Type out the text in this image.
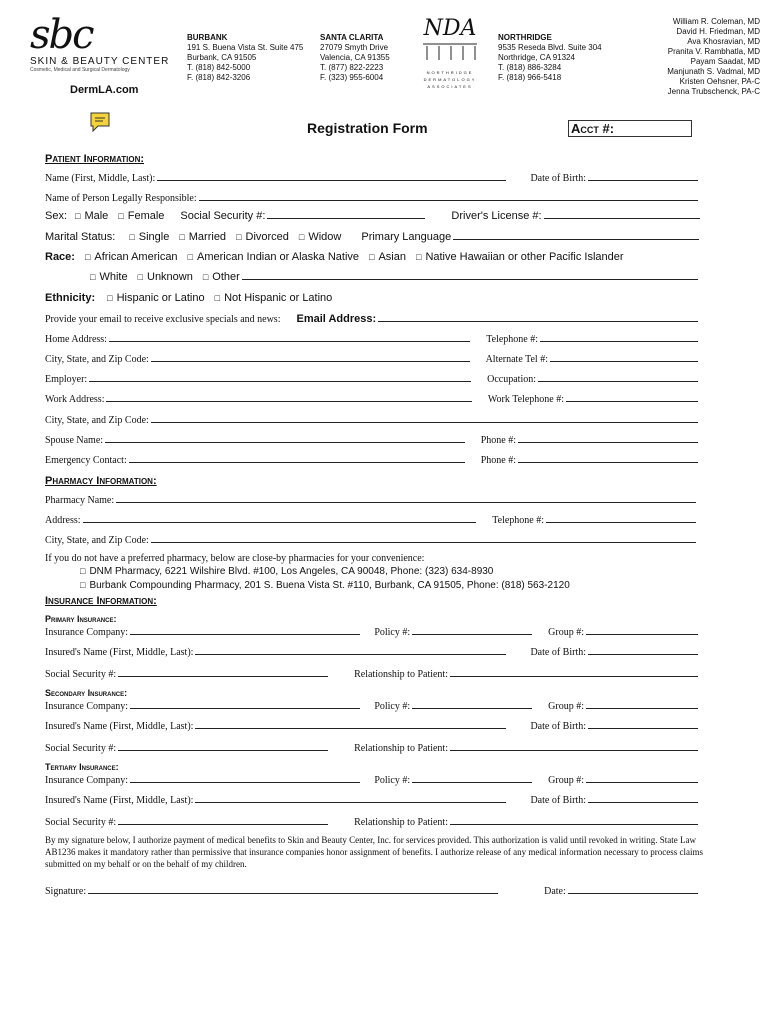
sbc
SKIN & BEAUTY CENTER
Cosmetic, Medical and Surgical Dermatology
DermLA.com
BURBANK
191 S. Buena Vista St. Suite 475
Burbank, CA 91505
T. (818) 842-5000
F. (818) 842-3206
SANTA CLARITA
27079 Smyth Drive
Valencia, CA 91355
T. (877) 822-2223
F. (323) 955-6004
NDA
NORTHRIDGE DERMATOLOGY ASSOCIATES
NORTHRIDGE
9535 Reseda Blvd. Suite 304
Northridge, CA 91324
T. (818) 886-3284
F. (818) 966-5418
William R. Coleman, MD
David H. Friedman, MD
Ava Khosravian, MD
Pranita V. Rambhatla, MD
Payam Saadat, MD
Manjunath S. Vadmal, MD
Kristen Oehsner, PA-C
Jenna Trubschenck, PA-C
Registration Form	Acct #:
Patient Information:
Name (First, Middle, Last):	Date of Birth:
Name of Person Legally Responsible:
Sex:	□ Male	□ Female Social Security #:	Driver's License #:
Marital Status:	□ Single	□ Married	□ Divorced	□ Widow Primary Language
Race:	□ African American	□ American Indian or Alaska Native	□ Asian	□ Native Hawaiian or other Pacific Islander
□ White	□ Unknown	□ Other
Ethnicity:	□ Hispanic or Latino	□ Not Hispanic or Latino
Provide your email to receive exclusive specials and news: Email Address:
Home Address:	Telephone #:
City, State, and Zip Code:	Alternate Tel #:
Employer:	Occupation:
Work Address:	Work Telephone #:
City, State, and Zip Code:
Spouse Name:	Phone #:
Emergency Contact:	Phone #:
Pharmacy Information:
Pharmacy Name:
Address:	Telephone #:
City, State, and Zip Code:
If you do not have a preferred pharmacy, below are close-by pharmacies for your convenience:
□ DNM Pharmacy, 6221 Wilshire Blvd. #100, Los Angeles, CA 90048, Phone: (323) 634-8930
□ Burbank Compounding Pharmacy, 201 S. Buena Vista St. #110, Burbank, CA 91505, Phone: (818) 563-2120
Insurance Information:
Primary Insurance:
Insurance Company:	Policy #:	Group #:
Insured's Name (First, Middle, Last):	Date of Birth:
Social Security #:	Relationship to Patient:
Secondary Insurance:
Insurance Company:	Policy #:	Group #:
Insured's Name (First, Middle, Last):	Date of Birth:
Social Security #:	Relationship to Patient:
Tertiary Insurance:
Insurance Company:	Policy #:	Group #:
Insured's Name (First, Middle, Last):	Date of Birth:
Social Security #:	Relationship to Patient:
By my signature below, I authorize payment of medical benefits to Skin and Beauty Center, Inc. for services provided. This authorization is valid until revoked in writing. State Law AB1236 makes it mandatory rather than permissive that insurance companies honor assignment of benefits. I authorize release of any medical information necessary to process claims submitted on my behalf or on the behalf of my children.
Signature:	Date:
